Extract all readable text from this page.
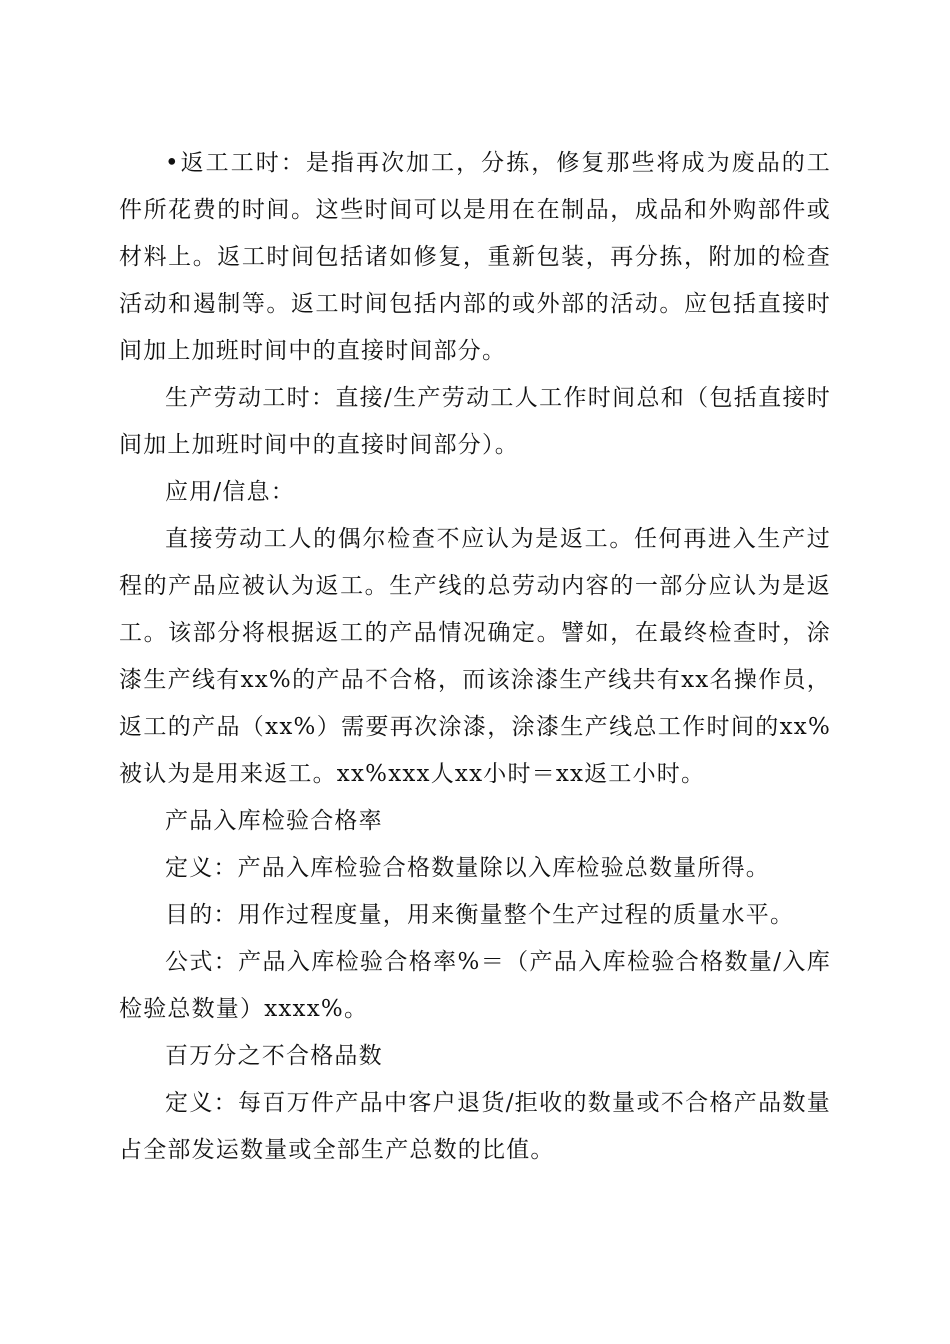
•返工工时：是指再次加工，分拣，修复那些将成为废品的工件所花费的时间。这些时间可以是用在在制品，成品和外购部件或材料上。返工时间包括诸如修复，重新包装，再分拣，附加的检查活动和遏制等。返工时间包括内部的或外部的活动。应包括直接时间加上加班时间中的直接时间部分。

生产劳动工时：直接/生产劳动工人工作时间总和（包括直接时间加上加班时间中的直接时间部分）。

应用/信息：

直接劳动工人的偶尔检查不应认为是返工。任何再进入生产过程的产品应被认为返工。生产线的总劳动内容的一部分应认为是返工。该部分将根据返工的产品情况确定。譬如，在最终检查时，涂漆生产线有xx%的产品不合格，而该涂漆生产线共有xx名操作员，返工的产品（xx%）需要再次涂漆，涂漆生产线总工作时间的xx%被认为是用来返工。xx%xxx人xx小时＝xx返工小时。

产品入库检验合格率

定义：产品入库检验合格数量除以入库检验总数量所得。

目的：用作过程度量，用来衡量整个生产过程的质量水平。

公式：产品入库检验合格率%＝（产品入库检验合格数量/入库检验总数量）xxxx%。

百万分之不合格品数

定义：每百万件产品中客户退货/拒收的数量或不合格产品数量占全部发运数量或全部生产总数的比值。
